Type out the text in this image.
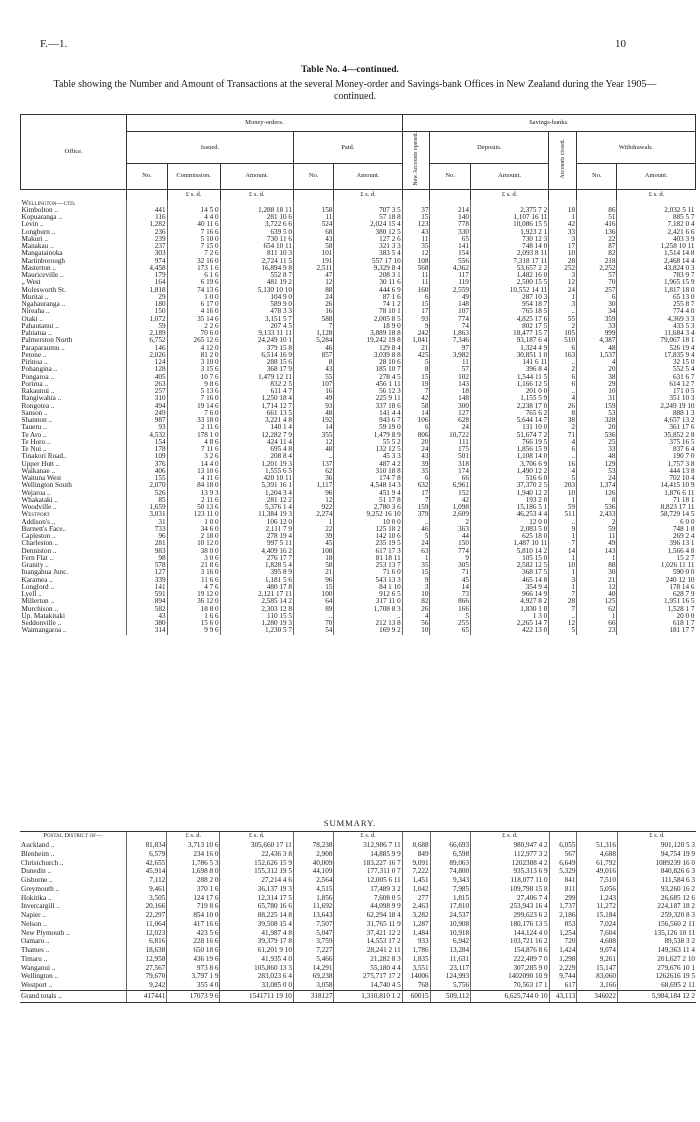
F.—1.	10
Table No. 4—continued.
Table showing the Number and Amount of Transactions at the several Money-order and Savings-bank Offices in New Zealand during the Year 1905—continued.
Office.	Money-orders.					Savings-banks.					
	Issued.			Paid.		New Accounts opened.	Deposits.		Accounts closed.	Withdrawals.	
	No.	Commission.	Amount.	No.	Amount.		No.	Amount.		No.	Amount.
		£ s. d.	£ s. d.		£ s. d.			£ s. d.			£ s. d.
Wellington—ctd.											
Kimbolton ..	441	14 5 0	1,288 18 11	158	707 3 5	37	214	2,375 7 2	18	86	2,032 5 11
Kopuaranga ..	116	4 4 0	281 10 6	11	57 18 8	15	140	1,107 16 11	1	51	885 5 7
Levin ..	1,282	40 11 6	3,722 6 6	524	2,024 15 4	123	778	10,086 15 5	42	416	7,182 0 4
Longburn ..	236	7 16 6	639 5 0	68	380 12 5	43	330	1,923 2 1	33	136	2,421 6 6
Makuri ..	239	5 10 0	730 11 6	43	127 2 6	11	65	730 12 3	3	22	403 3 9
Manakau ..	237	7 15 0	654 10 11	58	321 3 3	35	141	748 14 0	17	87	1,258 10 11
Mangatainoka	303	7 2 6	811 10 3	101	383 5 4	12	154	2,093 8 11	10	82	1,514 14 8
Martinborough	974	32 16 0	2,724 11 5	191	557 17 10	108	556	7,318 17 11	28	218	2,468 14 4
Masterton ..	4,458	173 1 6	16,894 9 8	2,511	9,329 8 4	568	4,362	53,657 2 2	252	2,252	43,824 0 3
Mauriceville ..	179	6 1 6	552 8 7	47	208 3 1	11	117	1,482 16 0	3	57	783 9 7
„ West	164	6 19 6	481 19 2	12	30 11 6	11	119	2,500 15 5	12	70	1,965 15 9
Molesworth St.	1,818	74 13 6	5,130 10 10	88	444 6 9	160	2,559	10,552 14 11	24	257	1,817 18 0
Muritai ..	29	1 0 0	104 9 0	24	87 1 6	6	49	287 10 3	1	6	65 13 0
Ngahauranga ..	180	6 17 0	589 9 0	26	74 1 2	15	148	954 18 7	3	30	255 8 7
Nireaha ..	150	4 16 0	478 3 3	16	78 10 1	17	107	765 18 5	..	34	774 4 0
Otaki ..	1,072	35 14 6	3,151 5 7	588	2,005 8 5	93	774	4,825 17 6	55	359	4,369 3 3
Pahautanui ..	59	2 2 6	207 4 5	7	18 9 0	9	74	802 17 5	2	33	433 5 3
Pahiatua ..	2,189	70 6 0	9,133 11 11	1,128	3,889 18 8	242	1,863	18,477 15 7	105	999	11,684 3 4
Palmerston North	6,752	265 12 6	24,249 10 1	5,284	19,242 19 8	1,041	7,346	93,187 6 4	510	4,387	79,067 18 1
Paraparaumu ..	146	4 12 0	379 15 8	46	129 8 4	21	97	1,324 4 9	6	48	526 19 4
Petone ..	2,026	81 2 0	6,514 16 9	857	3,039 8 8	425	3,982	30,851 1 0	163	1,537	17,835 9 4
Pirinoa ..	124	3 10 0	288 15 6	8	28 10 6	5	11	141 6 11	..	4	32 15 0
Pohangina ..	128	3 15 6	368 17 9	43	185 10 7	8	57	396 8 4	2	20	552 5 4
Pongaroa ..	405	10 7 6	1,479 12 11	55	278 4 5	15	102	1,544 11 5	6	38	631 6 7
Porirua ..	263	9 8 6	832 2 5	107	456 1 11	19	143	1,166 12 5	6	29	614 12 7
Rakaunui ..	257	5 13 6	611 4 7	16	56 12 3	7	18	201 0 0	..	10	171 0 5
Rangiwahia ..	310	7 16 0	1,250 18 4	49	225 9 11	42	148	1,155 5 9	4	31	351 10 3
Rongotea ..	494	19 14 6	1,714 12 7	93	337 18 6	58	300	2,238 17 0	26	159	2,249 19 10
Sanson ..	249	7 6 0	661 13 5	48	141 4 4	14	127	765 6 2	8	53	888 1 3
Shannon ..	987	33 18 0	3,221 4 8	192	943 6 7	106	628	5,644 14 7	38	328	4,657 13 2
Taueru ..	93	2 11 6	140 1 4	14	59 19 0	6	24	131 10 0	2	20	361 17 6
Te Aro ..	4,532	178 1 0	12,282 7 9	355	1,479 8 9	806	10,722	51,674 7 2	71	536	35,852 2 8
Te Horo ..	154	4 8 6	424 11 4	12	55 5 2	20	111	766 19 5	4	25	375 16 5
Te Nui ..	178	7 11 6	695 4 8	48	132 12 5	24	175	1,856 15 9	6	33	837 6 4
Tinakori Road..	109	3 2 6	208 8 4	..	45 3 3	43	501	1,108 14 0	..	48	190 7 0
Upper Hutt ..	376	14 4 0	1,201 19 3	137	487 4 2	39	318	3,706 6 9	16	129	1,757 3 8
Waikanae ..	406	13 10 6	1,555 6 5	62	310 18 8	35	174	1,490 12 2	4	53	444 13 8
Waituna West	155	4 11 6	420 10 11	36	174 7 8	6	66	516 6 0	5	24	702 10 4
Wellington South	2,070	84 18 0	5,391 16 1	1,117	4,548 14 3	632	6,961	37,370 2 5	203	1,374	14,415 10 9
Wejaroa ..	526	13 9 3	1,204 3 4	96	451 9 4	17	152	1,940 12 2	10	126	1,876 6 11
Whakataki ..	85	2 11 6	281 12 2	12	51 17 8	7	42	193 2 0	1	8	71 18 1
Woodville ..	1,659	50 13 6	5,376 1 4	922	2,780 3 6	159	1,098	15,186 5 1	59	536	8,823 17 11
Westport	3,031	123 11 0	11,384 19 3	2,274	9,252 16 10	379	2,609	46,253 4 4	511	2,433	58,729 14 5
Addison's ..	31	1 0 0	106 12 0	1	10 0 0	..	2	12 0 0	..	2	6 0 0
Burnett's Face..	733	34 6 0	2,111 7 9	22	125 18 2	46	363	2,083 5 8	9	59	748 1 8
Capleston ..	96	2 18 0	278 19 4	39	142 10 6	5	44	625 18 0	1	11	269 2 4
Charleston ..	281	10 12 0	997 5 11	45	235 19 5	24	150	1,487 10 11	7	49	396 13 1
Denniston ..	983	38 0 0	4,409 16 2	108	617 17 3	63	774	5,810 14 2	14	143	1,566 4 8
Fern Flat ..	98	3 0 6	276 17 7	18	81 18 11	1	9	105 15 0	1	1	15 2 7
Granity ..	578	21 8 6	1,828 5 4	58	253 13 7	35	305	2,582 12 5	10	88	1,026 11 11
Inangahua Junc.	127	3 16 0	395 8 9	21	71 6 0	15	71	368 17 5	1	30	590 0 0
Karamea ..	339	11 6 6	1,181 5 6	96	543 13 3	9	45	465 14 8	3	21	240 12 10
Longford ..	141	4 7 6	480 17 8	15	84 1 10	3	14	354 9 4	1	12	178 14 6
Lyell ..	591	19 12 0	2,121 17 11	100	912 6 5	10	73	966 14 9	7	40	628 7 9
Millerton ..	894	36 12 0	2,585 14 2	64	317 11 0	82	866	4,927 8 2	28	125	1,951 16 5
Murchison ..	582	18 8 0	2,303 12 8	89	1,708 8 3	26	166	1,830 1 8	7	62	1,528 1 7
Up. Matakitaki	43	1 6 6	110 15 5	..	..	4	5	1 3 0	..	1	20 0 0
Seddonville ..	380	15 6 0	1,280 19 3	70	212 13 8	56	255	2,265 14 7	12	66	618 1 7
Waimangaroa ..	314	9 9 6	1,230 5 7	54	169 9 2	10	65	422 13 0	5	23	181 17 7
SUMMARY.
Postal District of—		£ s. d.	£ s. d.		£ s. d.			£ s. d.			£ s. d.
Auckland ..	81,834	3,713 10 6	305,660 17 11	78,238	312,986 7 11	8,688	66,693	980,947 4 2	6,055	51,316	901,120 5 3
Blenheim ..	6,579	234 16 0	22,436 3 8	2,908	14,885 9 9	849	6,598	112,977 3 2	567	4,688	94,754 19 9
Christchurch ..	42,655	1,786 5 3	152,626 15 9	40,009	183,227 16 7	9,091	89,063	1202388 4 2	6,649	61,792	1089239 16 0
Dunedin ..	45,914	1,698 8 0	155,312 19 5	44,109	177,311 0 7	7,222	74,800	935,313 6 9	5,329	49,016	840,826 6 3
Gisborne ..	7,112	288 2 0	27,214 4 6	2,564	12,005 6 11	1,451	9,343	118,077 11 0	841	7,510	111,584 6 3
Greymouth ..	9,461	370 1 6	36,137 19 3	4,515	17,489 3 2	1,042	7,985	109,798 15 8	811	5,056	93,260 16 2
Hokitika ..	3,505	124 17 6	12,314 17 5	1,856	7,608 0 5	277	1,815	27,406 7 4	299	1,243	26,685 12 6
Invercargill ..	20,166	719 8 6	65,780 16 6	11,692	44,098 9 9	2,463	17,810	253,943 16 4	1,737	11,272	224,187 18 2
Napier ..	22,297	854 10 0	88,225 14 8	13,643	62,294 18 4	3,282	24,537	299,623 6 2	2,186	15,184	259,320 8 3
Nelson ..	11,064	417 16 6	39,508 15 4	7,507	31,765 11 9	1,287	10,908	180,176 13 5	853	7,024	156,560 2 11
New Plymouth ..	12,023	423 5 6	41,987 4 8	5,047	37,421 12 2	1,484	10,918	144,124 4 0	1,254	7,604	135,126 10 11
Oamaru ..	6,816	228 16 6	39,379 17 8	3,759	14,553 17 2	933	6,942	103,721 16 2	720	4,608	89,538 3 2
Thames ..	18,638	650 18 6	61,201 9 10	7,227	28,241 2 11	1,786	13,284	154,876 8 6	1,424	9,074	149,363 11 4
Timaru ..	12,958	436 19 6	41,935 4 0	5,466	21,282 8 3	1,835	11,631	222,489 7 0	1,298	9,261	201,627 2 10
Wanganui ..	27,567	973 8 6	105,860 13 3	14,291	55,180 4 4	3,551	23,117	307,285 9 0	2,229	15,147	279,676 10 1
Wellington ..	79,670	3,797 1 9	283,023 6 4	69,238	275,717 17 2	14006	124,993	1402090 10 9	9,744	83,060	1262616 19 5
Westport ..	9,242	355 4 0	33,085 0 0	3,058	14,740 4 5	768	5,756	70,563 17 1	617	3,166	68,695 2 11
Grand totals ..	417441	17073 9 6	1541711 19 10	318127	1,310,810 1 2	60015	509,112	6,625,744 0 10	43,113	346022	5,984,184 12 2
